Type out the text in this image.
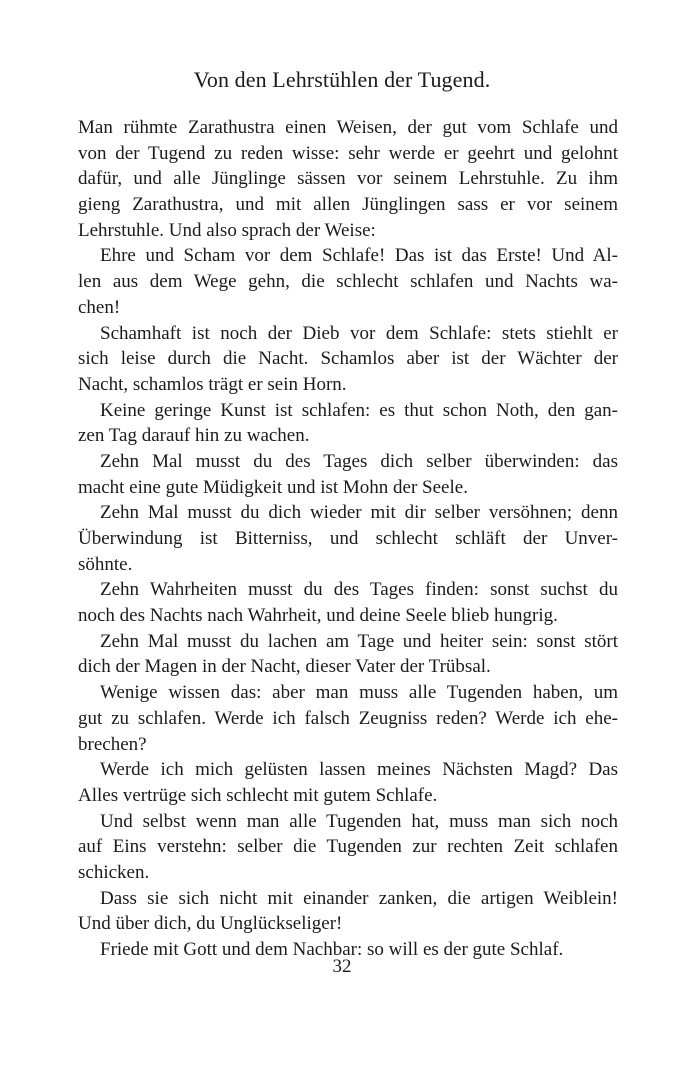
Von den Lehrstühlen der Tugend.
Man rühmte Zarathustra einen Weisen, der gut vom Schlafe und
von der Tugend zu reden wisse: sehr werde er geehrt und gelohnt
dafür, und alle Jünglinge sässen vor seinem Lehrstuhle. Zu ihm
gieng Zarathustra, und mit allen Jünglingen sass er vor seinem
Lehrstuhle. Und also sprach der Weise:
Ehre und Scham vor dem Schlafe! Das ist das Erste! Und Al-
len aus dem Wege gehn, die schlecht schlafen und Nachts wa-
chen!
Schamhaft ist noch der Dieb vor dem Schlafe: stets stiehlt er
sich leise durch die Nacht. Schamlos aber ist der Wächter der
Nacht, schamlos trägt er sein Horn.
Keine geringe Kunst ist schlafen: es thut schon Noth, den gan-
zen Tag darauf hin zu wachen.
Zehn Mal musst du des Tages dich selber überwinden: das
macht eine gute Müdigkeit und ist Mohn der Seele.
Zehn Mal musst du dich wieder mit dir selber versöhnen; denn
Überwindung ist Bitterniss, und schlecht schläft der Unver-
söhnte.
Zehn Wahrheiten musst du des Tages finden: sonst suchst du
noch des Nachts nach Wahrheit, und deine Seele blieb hungrig.
Zehn Mal musst du lachen am Tage und heiter sein: sonst stört
dich der Magen in der Nacht, dieser Vater der Trübsal.
Wenige wissen das: aber man muss alle Tugenden haben, um
gut zu schlafen. Werde ich falsch Zeugniss reden? Werde ich ehe-
brechen?
Werde ich mich gelüsten lassen meines Nächsten Magd? Das
Alles vertrüge sich schlecht mit gutem Schlafe.
Und selbst wenn man alle Tugenden hat, muss man sich noch
auf Eins verstehn: selber die Tugenden zur rechten Zeit schlafen
schicken.
Dass sie sich nicht mit einander zanken, die artigen Weiblein!
Und über dich, du Unglückseliger!
Friede mit Gott und dem Nachbar: so will es der gute Schlaf.
32
